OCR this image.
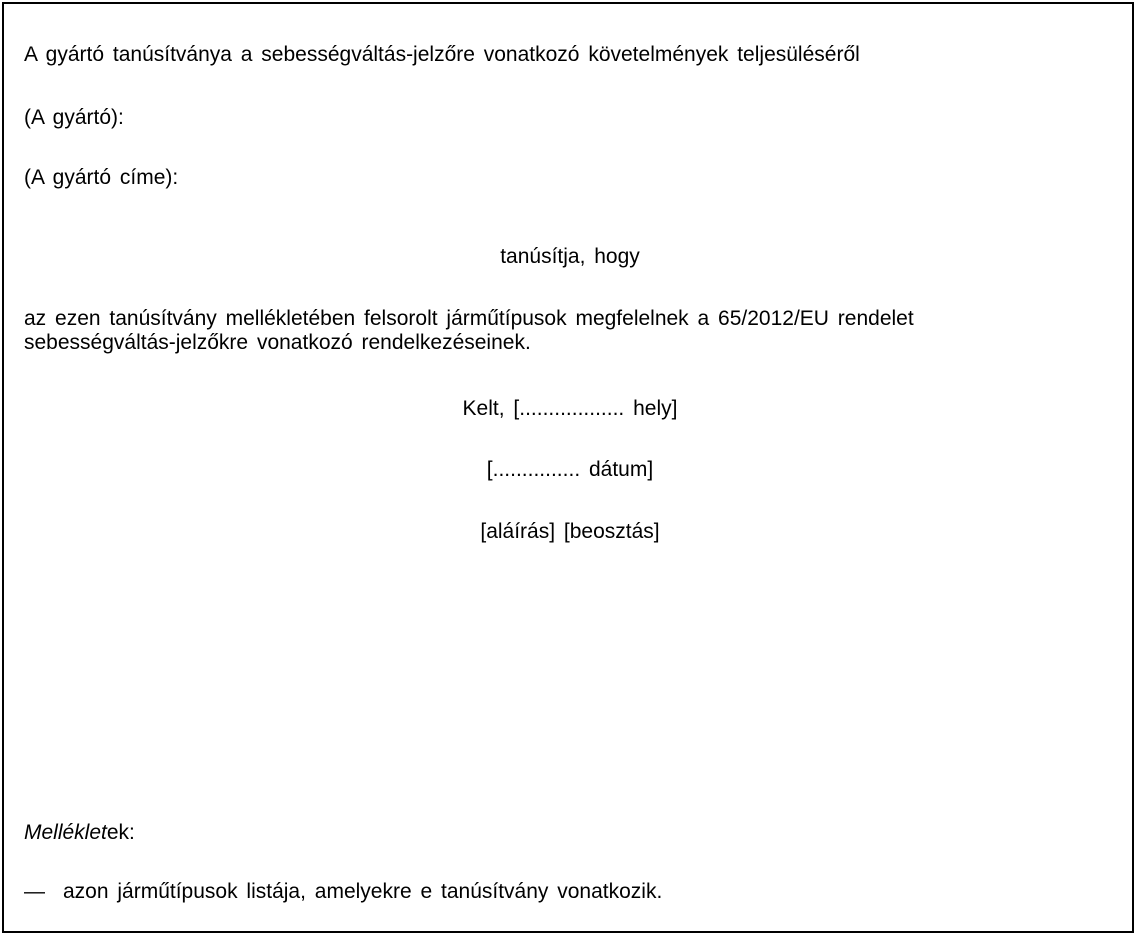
A gyártó tanúsítványa a sebességváltás-jelzőre vonatkozó követelmények teljesüléséről
(A gyártó):
(A gyártó címe):
tanúsítja, hogy
az ezen tanúsítvány mellékletében felsorolt járműtípusok megfelelnek a 65/2012/EU rendelet
sebességváltás-jelzőkre vonatkozó rendelkezéseinek.
Kelt, [.................. hely]
[............... dátum]
[aláírás] [beosztás]
Mellékletek:
— azon járműtípusok listája, amelyekre e tanúsítvány vonatkozik.
